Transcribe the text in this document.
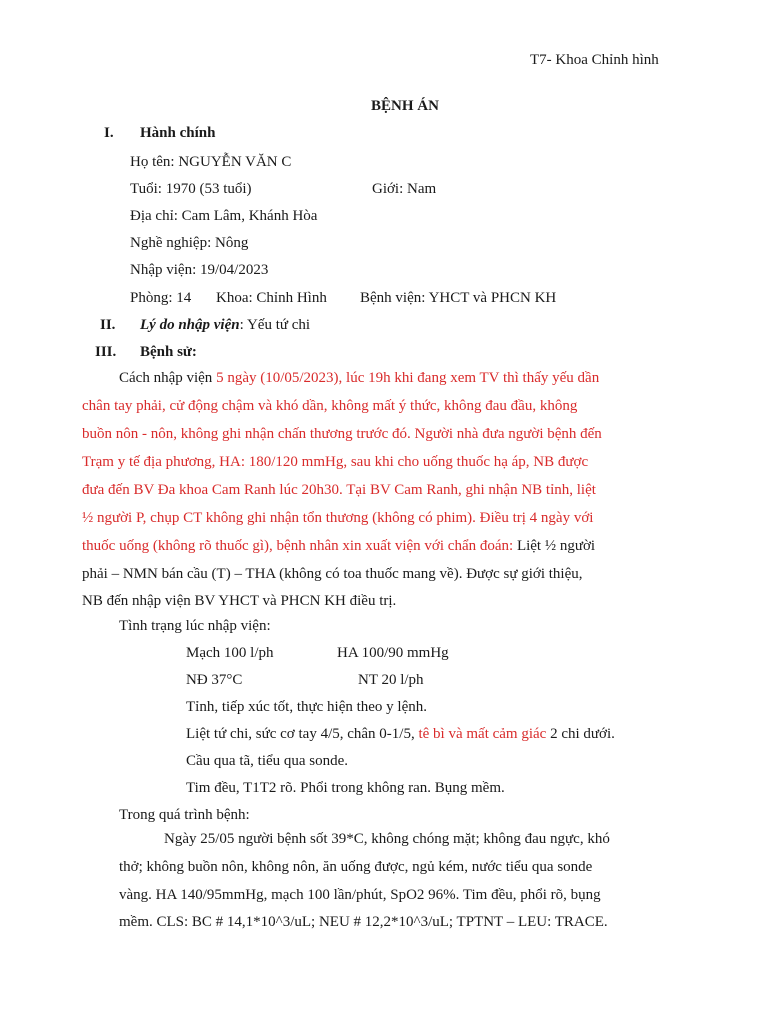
T7- Khoa Chỉnh hình
BỆNH ÁN
I. Hành chính
Họ tên: NGUYỄN VĂN C
Tuổi: 1970 (53 tuổi)	Giới: Nam
Địa chỉ: Cam Lâm, Khánh Hòa
Nghề nghiệp: Nông
Nhập viện: 19/04/2023
Phòng: 14 Khoa: Chỉnh Hình Bệnh viện: YHCT và PHCN KH
II. Lý do nhập viện: Yếu tứ chi
III. Bệnh sử:
Cách nhập viện 5 ngày (10/05/2023), lúc 19h khi đang xem TV thì thấy yếu dần
chân tay phải, cử động chậm và khó dần, không mất ý thức, không đau đầu, không
buồn nôn - nôn, không ghi nhận chấn thương trước đó. Người nhà đưa người bệnh đến
Trạm y tế địa phương, HA: 180/120 mmHg, sau khi cho uống thuốc hạ áp, NB được
đưa đến BV Đa khoa Cam Ranh lúc 20h30. Tại BV Cam Ranh, ghi nhận NB tỉnh, liệt
½ người P, chụp CT không ghi nhận tổn thương (không có phim). Điều trị 4 ngày với
thuốc uống (không rõ thuốc gì), bệnh nhân xin xuất viện với chẩn đoán: Liệt ½ người
phải – NMN bán cầu (T) – THA (không có toa thuốc mang về). Được sự giới thiệu,
NB đến nhập viện BV YHCT và PHCN KH điều trị.
Tình trạng lúc nhập viện:
Mạch 100 l/ph	HA 100/90 mmHg
NĐ 37°C	NT 20 l/ph
Tỉnh, tiếp xúc tốt, thực hiện theo y lệnh.
Liệt tứ chi, sức cơ tay 4/5, chân 0-1/5, tê bì và mất cảm giác 2 chi dưới.
Cầu qua tã, tiểu qua sonde.
Tim đều, T1T2 rõ. Phổi trong không ran. Bụng mềm.
Trong quá trình bệnh:
Ngày 25/05 người bệnh sốt 39*C, không chóng mặt; không đau ngực, khó
thở; không buồn nôn, không nôn, ăn uống được, ngủ kém, nước tiểu qua sonde
vàng. HA 140/95mmHg, mạch 100 lần/phút, SpO2 96%. Tim đều, phổi rõ, bụng
mềm. CLS: BC # 14,1*10^3/uL; NEU # 12,2*10^3/uL; TPTNT – LEU: TRACE.
